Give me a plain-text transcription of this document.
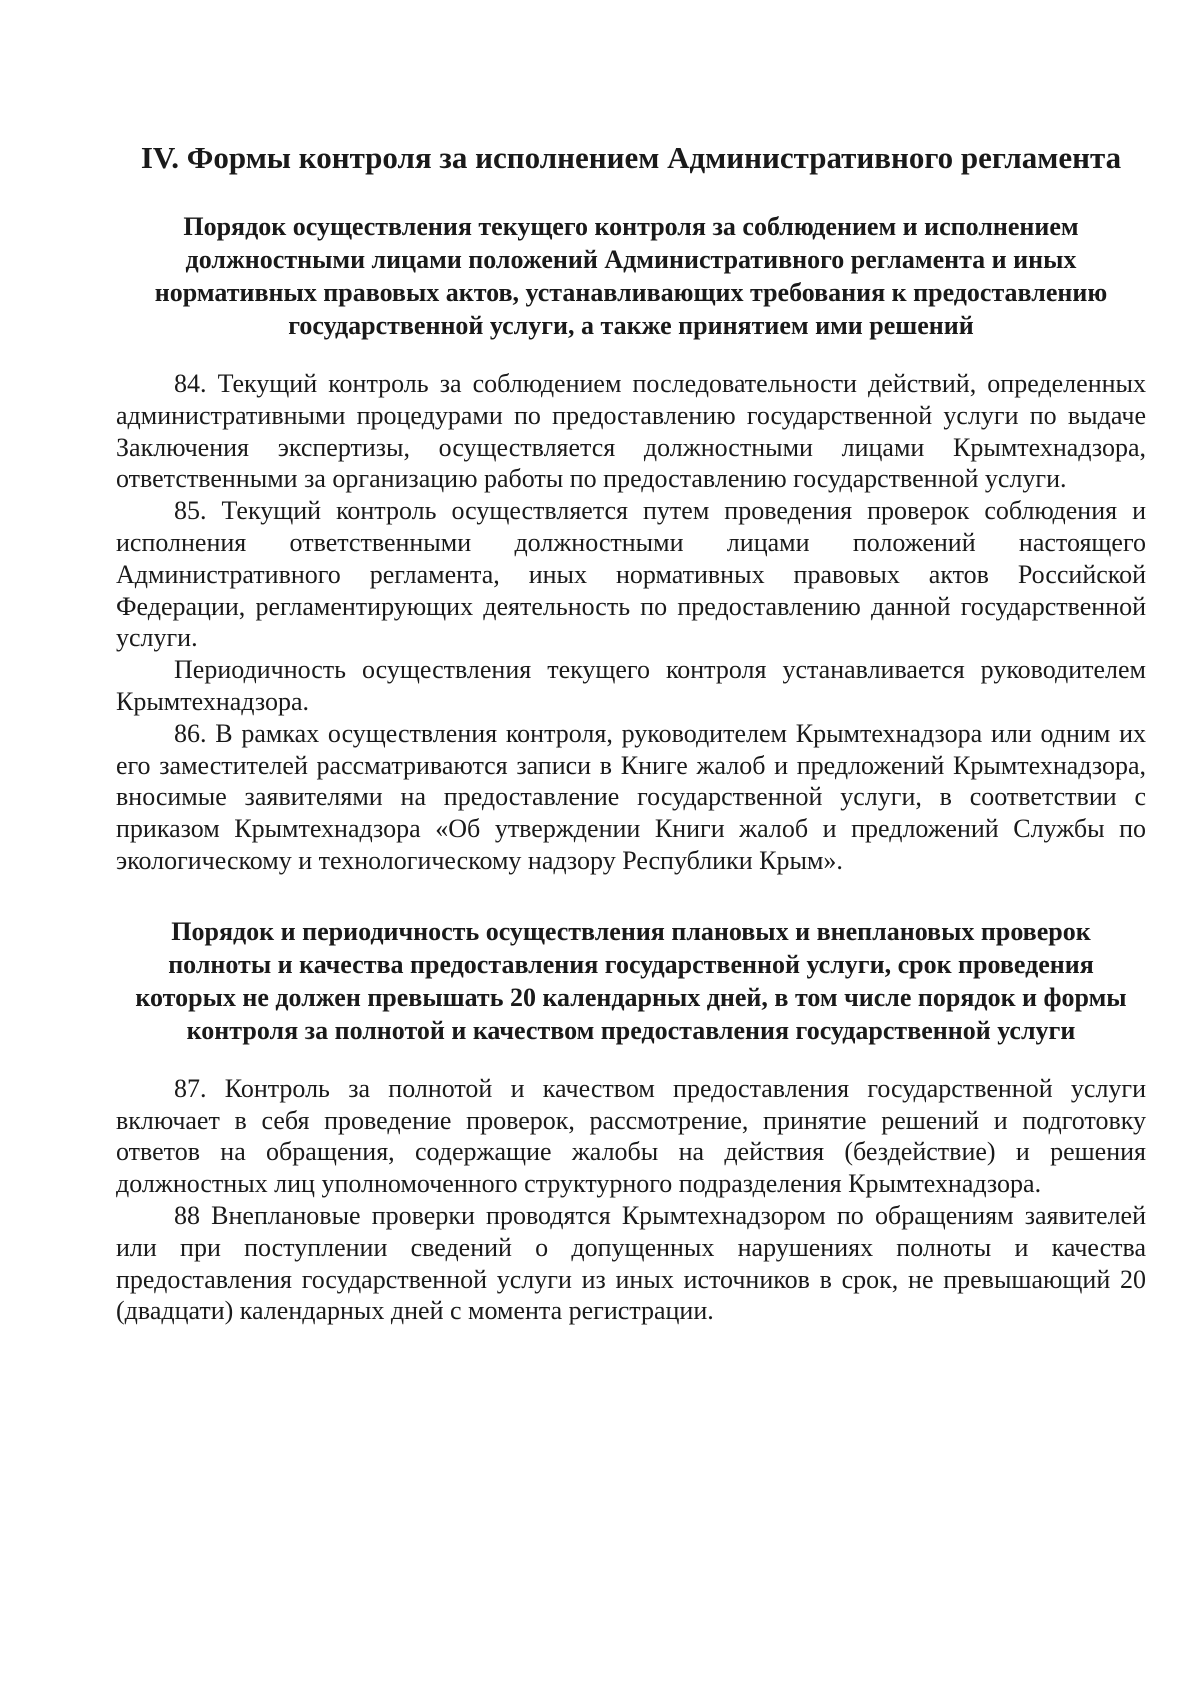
IV. Формы контроля за исполнением Административного регламента
Порядок осуществления текущего контроля за соблюдением и исполнением должностными лицами положений Административного регламента и иных нормативных правовых актов, устанавливающих требования к предоставлению государственной услуги, а также принятием ими решений

84. Текущий контроль за соблюдением последовательности действий, определенных административными процедурами по предоставлению государственной услуги по выдаче Заключения экспертизы, осуществляется должностными лицами Крымтехнадзора, ответственными за организацию работы по предоставлению государственной услуги.

85. Текущий контроль осуществляется путем проведения проверок соблюдения и исполнения ответственными должностными лицами положений настоящего Административного регламента, иных нормативных правовых актов Российской Федерации, регламентирующих деятельность по предоставлению данной государственной услуги.

Периодичность осуществления текущего контроля устанавливается руководителем Крымтехнадзора.

86. В рамках осуществления контроля, руководителем Крымтехнадзора или одним их его заместителей рассматриваются записи в Книге жалоб и предложений Крымтехнадзора, вносимые заявителями на предоставление государственной услуги, в соответствии с приказом Крымтехнадзора «Об утверждении Книги жалоб и предложений Службы по экологическому и технологическому надзору Республики Крым».

Порядок и периодичность осуществления плановых и внеплановых проверок полноты и качества предоставления государственной услуги, срок проведения которых не должен превышать 20 календарных дней, в том числе порядок и формы контроля за полнотой и качеством предоставления государственной услуги

87. Контроль за полнотой и качеством предоставления государственной услуги включает в себя проведение проверок, рассмотрение, принятие решений и подготовку ответов на обращения, содержащие жалобы на действия (бездействие) и решения должностных лиц уполномоченного структурного подразделения Крымтехнадзора.

88 Внеплановые проверки проводятся Крымтехнадзором по обращениям заявителей или при поступлении сведений о допущенных нарушениях полноты и качества предоставления государственной услуги из иных источников в срок, не превышающий 20 (двадцати) календарных дней с момента регистрации.
